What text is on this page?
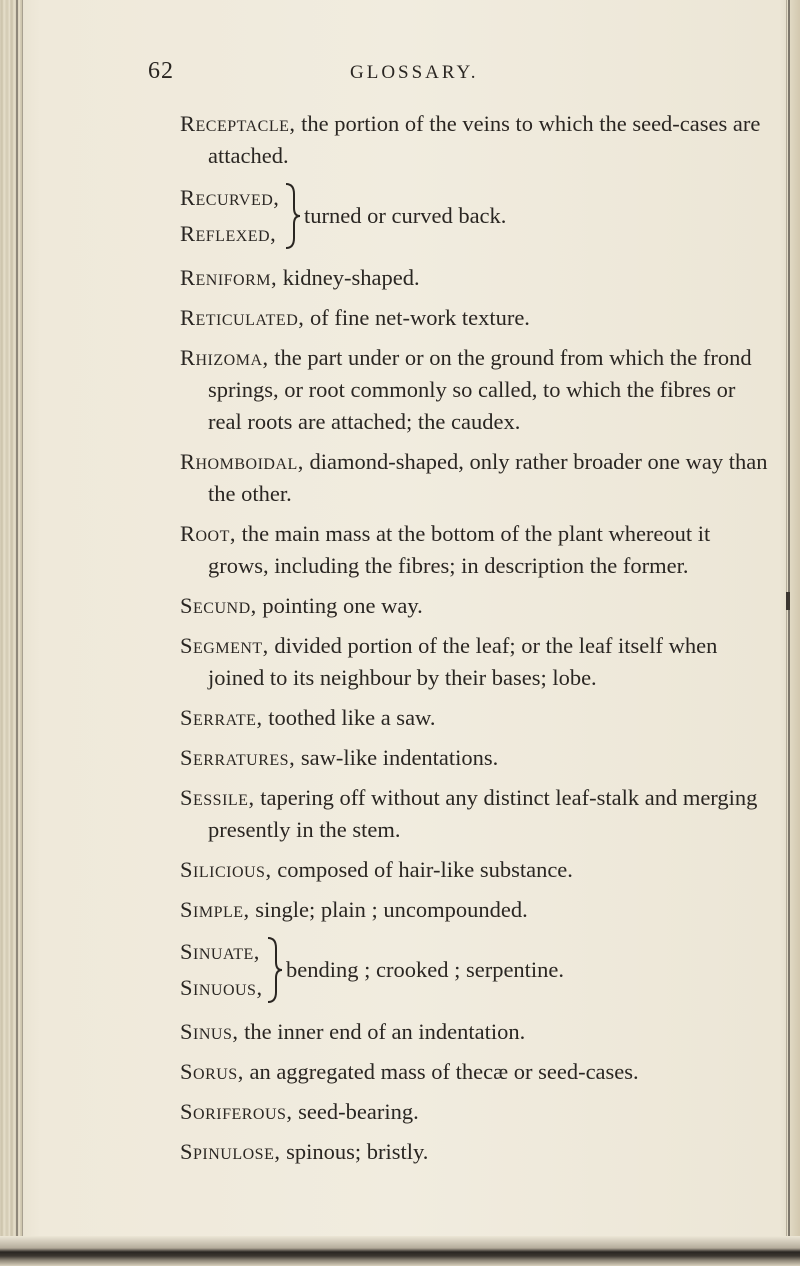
62	GLOSSARY.

Receptacle, the portion of the veins to which the seed-cases are attached.

Recurved,
Reflexed,
turned or curved back.

Reniform, kidney-shaped.

Reticulated, of fine net-work texture.

Rhizoma, the part under or on the ground from which the frond springs, or root commonly so called, to which the fibres or real roots are attached; the caudex.

Rhomboidal, diamond-shaped, only rather broader one way than the other.

Root, the main mass at the bottom of the plant whereout it grows, including the fibres; in description the former.

Secund, pointing one way.

Segment, divided portion of the leaf; or the leaf itself when joined to its neighbour by their bases; lobe.

Serrate, toothed like a saw.

Serratures, saw-like indentations.

Sessile, tapering off without any distinct leaf-stalk and merging presently in the stem.

Silicious, composed of hair-like substance.

Simple, single; plain ; uncompounded.

Sinuate,
Sinuous,
bending ; crooked ; serpentine.

Sinus, the inner end of an indentation.

Sorus, an aggregated mass of thecæ or seed-cases.

Soriferous, seed-bearing.

Spinulose, spinous; bristly.
